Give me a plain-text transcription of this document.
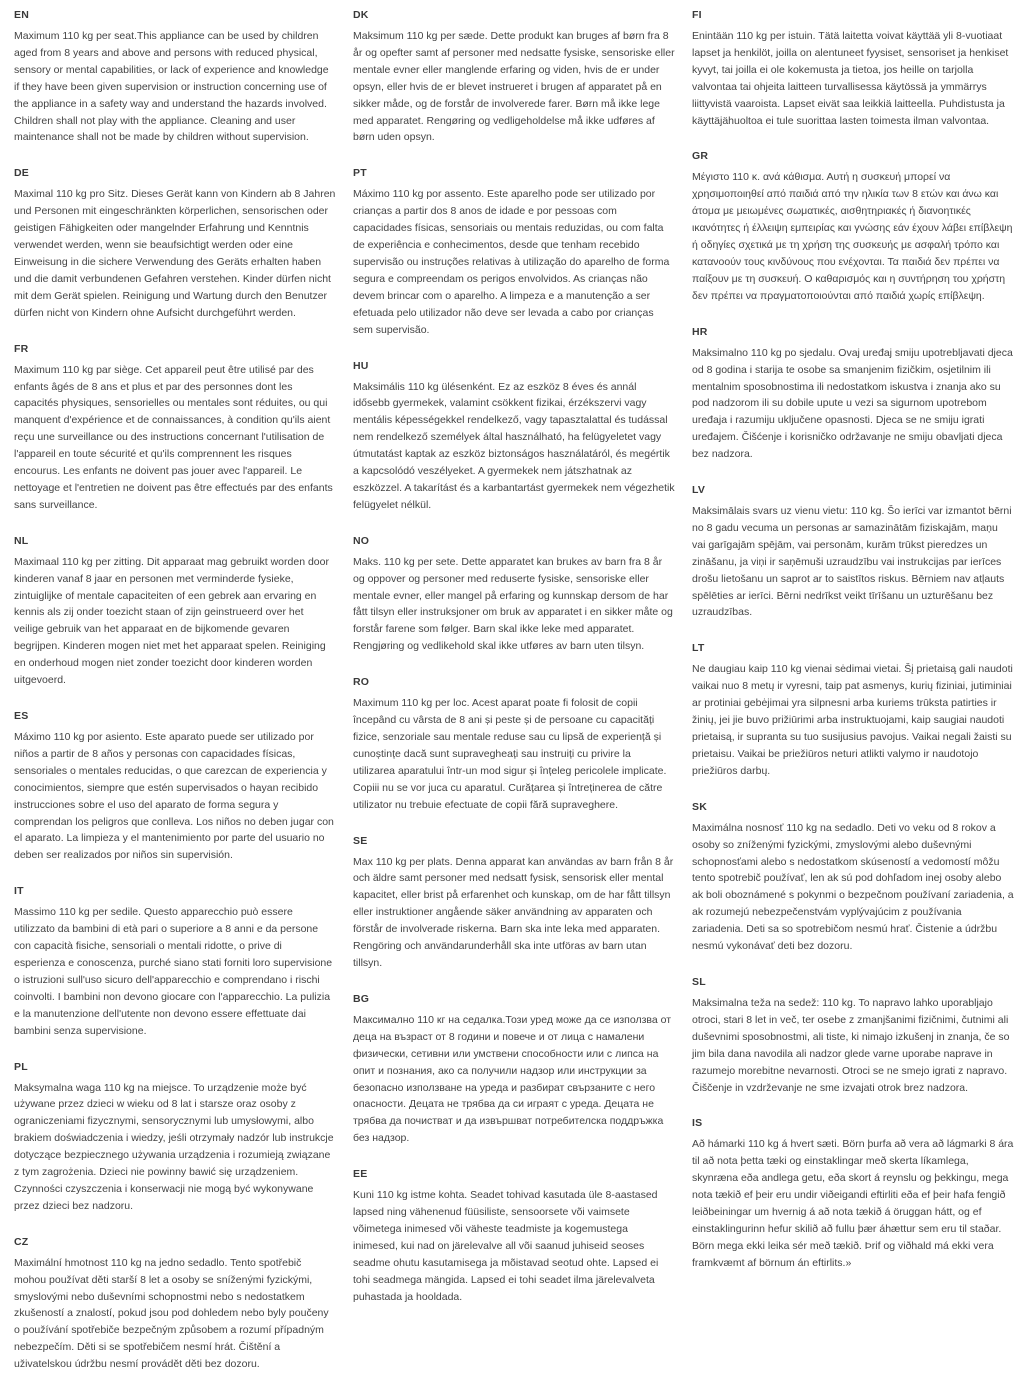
EN

Maximum 110 kg per seat.This appliance can be used by children aged from 8 years and above and persons with reduced physical, sensory or mental capabilities, or lack of experience and knowledge if they have been given supervision or instruction concerning use of the appliance in a safety way and understand the hazards involved. Children shall not play with the appliance. Cleaning and user maintenance shall not be made by children without supervision.

DE

Maximal 110 kg pro Sitz. Dieses Gerät kann von Kindern ab 8 Jahren und Personen mit eingeschränkten körperlichen, sensorischen oder geistigen Fähigkeiten oder mangelnder Erfahrung und Kenntnis verwendet werden, wenn sie beaufsichtigt werden oder eine Einweisung in die sichere Verwendung des Geräts erhalten haben und die damit verbundenen Gefahren verstehen. Kinder dürfen nicht mit dem Gerät spielen. Reinigung und Wartung durch den Benutzer dürfen nicht von Kindern ohne Aufsicht durchgeführt werden.

FR

Maximum 110 kg par siège. Cet appareil peut être utilisé par des enfants âgés de 8 ans et plus et par des personnes dont les capacités physiques, sensorielles ou mentales sont réduites, ou qui manquent d'expérience et de connaissances, à condition qu'ils aient reçu une surveillance ou des instructions concernant l'utilisation de l'appareil en toute sécurité et qu'ils comprennent les risques encourus. Les enfants ne doivent pas jouer avec l'appareil. Le nettoyage et l'entretien ne doivent pas être effectués par des enfants sans surveillance.

NL

Maximaal 110 kg per zitting. Dit apparaat mag gebruikt worden door kinderen vanaf 8 jaar en personen met verminderde fysieke, zintuiglijke of mentale capaciteiten of een gebrek aan ervaring en kennis als zij onder toezicht staan of zijn geinstrueerd over het veilige gebruik van het apparaat en de bijkomende gevaren begrijpen. Kinderen mogen niet met het apparaat spelen. Reiniging en onderhoud mogen niet zonder toezicht door kinderen worden uitgevoerd.

ES

Máximo 110 kg por asiento. Este aparato puede ser utilizado por niños a partir de 8 años y personas con capacidades físicas, sensoriales o mentales reducidas, o que carezcan de experiencia y conocimientos, siempre que estén supervisados o hayan recibido instrucciones sobre el uso del aparato de forma segura y comprendan los peligros que conlleva. Los niños no deben jugar con el aparato. La limpieza y el mantenimiento por parte del usuario no deben ser realizados por niños sin supervisión.

IT

Massimo 110 kg per sedile. Questo apparecchio può essere utilizzato da bambini di età pari o superiore a 8 anni e da persone con capacità fisiche, sensoriali o mentali ridotte, o prive di esperienza e conoscenza, purché siano stati forniti loro supervisione o istruzioni sull'uso sicuro dell'apparecchio e comprendano i rischi coinvolti. I bambini non devono giocare con l'apparecchio. La pulizia e la manutenzione dell'utente non devono essere effettuate dai bambini senza supervisione.

PL

Maksymalna waga 110 kg na miejsce. To urządzenie może być używane przez dzieci w wieku od 8 lat i starsze oraz osoby z ograniczeniami fizycznymi, sensorycznymi lub umysłowymi, albo brakiem doświadczenia i wiedzy, jeśli otrzymały nadzór lub instrukcje dotyczące bezpiecznego używania urządzenia i rozumieją związane z tym zagrożenia. Dzieci nie powinny bawić się urządzeniem. Czynności czyszczenia i konserwacji nie mogą być wykonywane przez dzieci bez nadzoru.

CZ

Maximální hmotnost 110 kg na jedno sedadlo. Tento spotřebič mohou používat děti starší 8 let a osoby se sníženými fyzickými, smyslovými nebo duševními schopnostmi nebo s nedostatkem zkušeností a znalostí, pokud jsou pod dohledem nebo byly poučeny o používání spotřebiče bezpečným způsobem a rozumí případným nebezpečím. Děti si se spotřebičem nesmí hrát. Čištění a uživatelskou údržbu nesmí provádět děti bez dozoru.

DK

Maksimum 110 kg per sæde. Dette produkt kan bruges af børn fra 8 år og opefter samt af personer med nedsatte fysiske, sensoriske eller mentale evner eller manglende erfaring og viden, hvis de er under opsyn, eller hvis de er blevet instrueret i brugen af apparatet på en sikker måde, og de forstår de involverede farer. Børn må ikke lege med apparatet. Rengøring og vedligeholdelse må ikke udføres af børn uden opsyn.

PT

Máximo 110 kg por assento. Este aparelho pode ser utilizado por crianças a partir dos 8 anos de idade e por pessoas com capacidades físicas, sensoriais ou mentais reduzidas, ou com falta de experiência e conhecimentos, desde que tenham recebido supervisão ou instruções relativas à utilização do aparelho de forma segura e compreendam os perigos envolvidos. As crianças não devem brincar com o aparelho. A limpeza e a manutenção a ser efetuada pelo utilizador não deve ser levada a cabo por crianças sem supervisão.

HU

Maksimális 110 kg ülésenként. Ez az eszköz 8 éves és annál idősebb gyermekek, valamint csökkent fizikai, érzékszervi vagy mentális képességekkel rendelkező, vagy tapasztalattal és tudással nem rendelkező személyek által használható, ha felügyeletet vagy útmutatást kaptak az eszköz biztonságos használatáról, és megértik a kapcsolódó veszélyeket. A gyermekek nem játszhatnak az eszközzel. A takarítást és a karbantartást gyermekek nem végezhetik felügyelet nélkül.

NO

Maks. 110 kg per sete. Dette apparatet kan brukes av barn fra 8 år og oppover og personer med reduserte fysiske, sensoriske eller mentale evner, eller mangel på erfaring og kunnskap dersom de har fått tilsyn eller instruksjoner om bruk av apparatet i en sikker måte og forstår farene som følger. Barn skal ikke leke med apparatet. Rengjøring og vedlikehold skal ikke utføres av barn uten tilsyn.

RO

Maximum 110 kg per loc. Acest aparat poate fi folosit de copii începând cu vârsta de 8 ani și peste și de persoane cu capacități fizice, senzoriale sau mentale reduse sau cu lipsă de experiență și cunoștințe dacă sunt supravegheați sau instruiți cu privire la utilizarea aparatului într-un mod sigur și înțeleg pericolele implicate. Copiii nu se vor juca cu aparatul. Curățarea și întreținerea de către utilizator nu trebuie efectuate de copii fără supraveghere.

SE

Max 110 kg per plats. Denna apparat kan användas av barn från 8 år och äldre samt personer med nedsatt fysisk, sensorisk eller mental kapacitet, eller brist på erfarenhet och kunskap, om de har fått tillsyn eller instruktioner angående säker användning av apparaten och förstår de involverade riskerna. Barn ska inte leka med apparaten. Rengöring och användarunderhåll ska inte utföras av barn utan tillsyn.

BG

Максимално 110 кг на седалка.Този уред може да се използва от деца на възраст от 8 години и повече и от лица с намалени физически, сетивни или умствени способности или с липса на опит и познания, ако са получили надзор или инструкции за безопасно използване на уреда и разбират свързаните с него опасности. Децата не трябва да си играят с уреда. Децата не трябва да почистват и да извършват потребителска поддръжка без надзор.

EE

Kuni 110 kg istme kohta. Seadet tohivad kasutada üle 8-aastased lapsed ning vähenenud füüsiliste, sensoorsete või vaimsete võimetega inimesed või väheste teadmiste ja kogemustega inimesed, kui nad on järelevalve all või saanud juhiseid seoses seadme ohutu kasutamisega ja mõistavad seotud ohte. Lapsed ei tohi seadmega mängida. Lapsed ei tohi seadet ilma järelevalveta puhastada ja hooldada.

FI

Enintään 110 kg per istuin. Tätä laitetta voivat käyttää yli 8-vuotiaat lapset ja henkilöt, joilla on alentuneet fyysiset, sensoriset ja henkiset kyvyt, tai joilla ei ole kokemusta ja tietoa, jos heille on tarjolla valvontaa tai ohjeita laitteen turvallisessa käytössä ja ymmärrys liittyvistä vaaroista. Lapset eivät saa leikkiä laitteella. Puhdistusta ja käyttäjähuoltoa ei tule suorittaa lasten toimesta ilman valvontaa.

GR

Μέγιστο 110 κ. ανά κάθισμα. Αυτή η συσκευή μπορεί να χρησιμοποιηθεί από παιδιά από την ηλικία των 8 ετών και άνω και άτομα με μειωμένες σωματικές, αισθητηριακές ή διανοητικές ικανότητες ή έλλειψη εμπειρίας και γνώσης εάν έχουν λάβει επίβλεψη ή οδηγίες σχετικά με τη χρήση της συσκευής με ασφαλή τρόπο και κατανοούν τους κινδύνους που ενέχονται. Τα παιδιά δεν πρέπει να παίξουν με τη συσκευή. Ο καθαρισμός και η συντήρηση του χρήστη δεν πρέπει να πραγματοποιούνται από παιδιά χωρίς επίβλεψη.

HR

Maksimalno 110 kg po sjedalu. Ovaj uređaj smiju upotrebljavati djeca od 8 godina i starija te osobe sa smanjenim fizičkim, osjetilnim ili mentalnim sposobnostima ili nedostatkom iskustva i znanja ako su pod nadzorom ili su dobile upute u vezi sa sigurnom upotrebom uređaja i razumiju uključene opasnosti. Djeca se ne smiju igrati uređajem. Čišćenje i korisničko održavanje ne smiju obavljati djeca bez nadzora.

LV

Maksimālais svars uz vienu vietu: 110 kg. Šo ierīci var izmantot bērni no 8 gadu vecuma un personas ar samazinātām fiziskajām, maņu vai garīgajām spējām, vai personām, kurām trūkst pieredzes un zināšanu, ja viņi ir saņēmuši uzraudzību vai instrukcijas par ierīces drošu lietošanu un saprot ar to saistītos riskus. Bērniem nav atļauts spēlēties ar ierīci. Bērni nedrīkst veikt tīrīšanu un uzturēšanu bez uzraudzības.

LT

Ne daugiau kaip 110 kg vienai sėdimai vietai. Šį prietaisą gali naudoti vaikai nuo 8 metų ir vyresni, taip pat asmenys, kurių fiziniai, jutiminiai ar protiniai gebėjimai yra silpnesni arba kuriems trūksta patirties ir žinių, jei jie buvo prižiūrimi arba instruktuojami, kaip saugiai naudoti prietaisą, ir supranta su tuo susijusius pavojus. Vaikai negali žaisti su prietaisu. Vaikai be priežiūros neturi atlikti valymo ir naudotojo priežiūros darbų.

SK

Maximálna nosnosť 110 kg na sedadlo. Deti vo veku od 8 rokov a osoby so zníženými fyzickými, zmyslovými alebo duševnými schopnosťami alebo s nedostatkom skúseností a vedomostí môžu tento spotrebič používať, len ak sú pod dohľadom inej osoby alebo ak boli oboznámené s pokynmi o bezpečnom používaní zariadenia, a ak rozumejú nebezpečenstvám vyplývajúcim z používania zariadenia. Deti sa so spotrebičom nesmú hrať. Čistenie a údržbu nesmú vykonávať deti bez dozoru.

SL

Maksimalna teža na sedež: 110 kg. To napravo lahko uporabljajo otroci, stari 8 let in več, ter osebe z zmanjšanimi fizičnimi, čutnimi ali duševnimi sposobnostmi, ali tiste, ki nimajo izkušenj in znanja, če so jim bila dana navodila ali nadzor glede varne uporabe naprave in razumejo morebitne nevarnosti. Otroci se ne smejo igrati z napravo. Čiščenje in vzdrževanje ne sme izvajati otrok brez nadzora.

IS

Að hámarki 110 kg á hvert sæti. Börn þurfa að vera að lágmarki 8 ára til að nota þetta tæki og einstaklingar með skerta líkamlega, skynræna eða andlega getu, eða skort á reynslu og þekkingu, mega nota tækið ef þeir eru undir viðeigandi eftirliti eða ef þeir hafa fengið leiðbeiningar um hvernig á að nota tækið á öruggan hátt, og ef einstaklingurinn hefur skilið að fullu þær áhættur sem eru til staðar. Börn mega ekki leika sér með tækið. Þrif og viðhald má ekki vera framkvæmt af börnum án eftirlits.»
